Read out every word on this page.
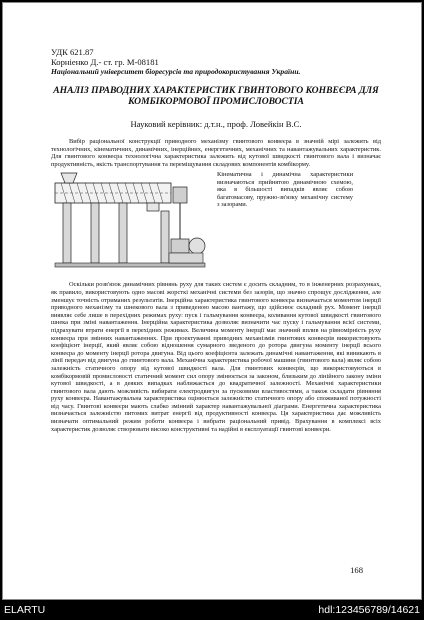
УДК 621.87
Корніенко Д.- ст. гр. М-08181
Національний університет біоресурсів та природокористування України.
АНАЛІЗ ПРАВОДНИХ ХАРАКТЕРИСТИК ГВИНТОВОГО КОНВЕЄРА ДЛЯ КОМБІКОРМОВОЇ ПРОМИСЛОВОСТІА
Науковий керівник: д.т.н., проф. Ловейкін В.С.

Вибір раціональної конструкції приводного механізму гвинтового конвеєра в значній мірі залежить від технологічних, кінематичних, динамічних, інерційних, енергетичних, механічних та навантажувальних характеристик. Для гвинтового конвеєра технологічна характеристика залежить від кутової швидкості гвинтового вала і визначає продуктивність, якість транспортування та переміщування складових компонентів комбікорму.

Кінематична і динамічна характеристики визначаються прийнятою динамічною схемою, яка в більшості випадків являє собою багатомасову, пружно-зв'язку механічну систему з зазорами.

Оскільки розв'язок динамічних рівнянь руху для таких систем є досить складним, то в інженерних розрахунках, як правило, використовують одно масові жорсткі механічні системи без зазорів, що значно спрощує дослідження, але зменшує точність отриманих результатів. Інерційна характеристика гвинтового конвеєра визначається моментом інерції приводного механізму та шнекового вала з приведеною масою вантажу, що здійснює складний рух. Момент інерції виявляє себе лише в перехідних режимах руху: пуск і гальмування конвеєра, коливання кутової швидкості гвинтового шнека при зміні навантаження. Інерційна характеристика дозволяє визначити час пуску і гальмування всієї системи, підрахувати втрати енергії в перехідних режимах. Величина моменту інерції має значний вплив на рівномірність руху конвеєра при змінних навантаженнях. При проектуванні приводних механізмів гвинтових конвеєрів використовують коефіцієнт інерції, який являє собою відношення сумарного зведеного до ротора двигуна моменту інерції всього конвеєра до моменту інерції ротора двигуна. Від цього коефіцієнта залежать динамічні навантаження, які виникають в лінії передач від двигуна до гвинтового вала. Механічна характеристика робочої машини (гвинтового вала) являє собою залежність статичного опору від кутової швидкості вала. Для гвинтових конвеєрів, що використовуються в комбікормовій промисловості статичний момент сил опору змінюється за законом, близьким до лінійного закону зміни кутової швидкості, а в деяких випадках наближається до квадратичної залежності. Механічні характеристики гвинтового вала дають можливість вибирати електродвигун за пусковими властивостями, а також складати рівняння руху конвеєра. Навантажувальна характеристика оцінюється залежністю статичного опору або споживаної потужності від часу. Гвинтові конвеєри мають слабко змінний характер навантажувальної діаграми. Енергетична характеристика визначається залежністю питомих витрат енергії від продуктивності конвеєра. Ця характеристика дає можливість визначати оптимальний режим роботи конвеєра і вибрати раціональний привід. Врахування в комплексі всіх характеристик дозволяє створювати високо конструктивні та надійні в експлуатації гвинтові конвеєри.

168
ELARTU	hdl:123456789/14621
